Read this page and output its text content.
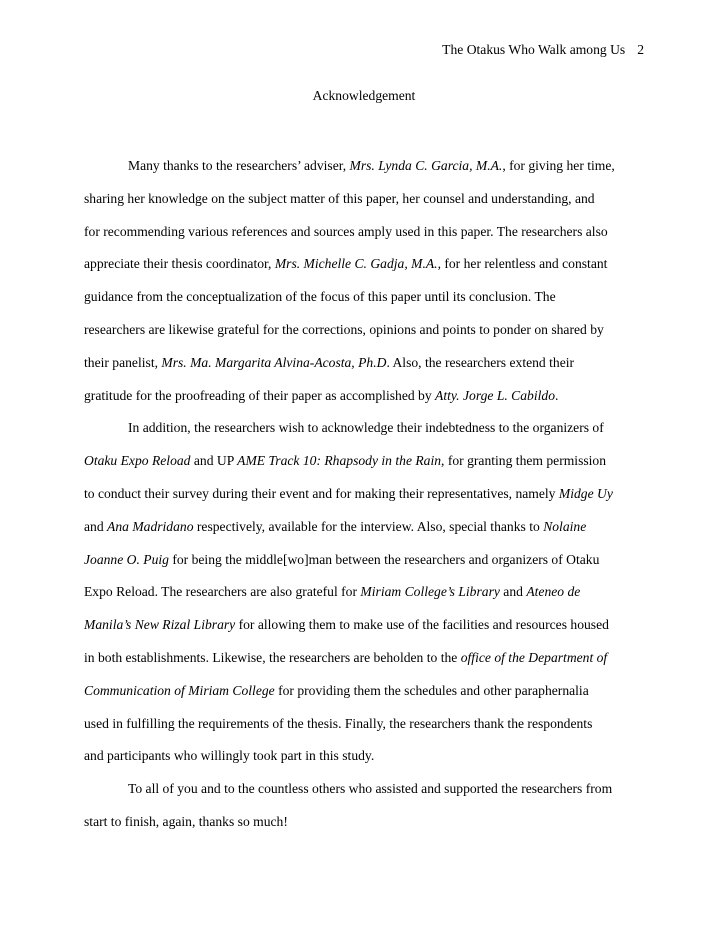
The Otakus Who Walk among Us 2
Acknowledgement
Many thanks to the researchers’ adviser, Mrs. Lynda C. Garcia, M.A., for giving her time,
sharing her knowledge on the subject matter of this paper, her counsel and understanding, and
for recommending various references and sources amply used in this paper. The researchers also
appreciate their thesis coordinator, Mrs. Michelle C. Gadja, M.A., for her relentless and constant
guidance from the conceptualization of the focus of this paper until its conclusion. The
researchers are likewise grateful for the corrections, opinions and points to ponder on shared by
their panelist, Mrs. Ma. Margarita Alvina-Acosta, Ph.D. Also, the researchers extend their
gratitude for the proofreading of their paper as accomplished by Atty. Jorge L. Cabildo.
In addition, the researchers wish to acknowledge their indebtedness to the organizers of
Otaku Expo Reload and UP AME Track 10: Rhapsody in the Rain, for granting them permission
to conduct their survey during their event and for making their representatives, namely Midge Uy
and Ana Madridano respectively, available for the interview. Also, special thanks to Nolaine
Joanne O. Puig for being the middle[wo]man between the researchers and organizers of Otaku
Expo Reload. The researchers are also grateful for Miriam College’s Library and Ateneo de
Manila’s New Rizal Library for allowing them to make use of the facilities and resources housed
in both establishments. Likewise, the researchers are beholden to the office of the Department of
Communication of Miriam College for providing them the schedules and other paraphernalia
used in fulfilling the requirements of the thesis. Finally, the researchers thank the respondents
and participants who willingly took part in this study.
To all of you and to the countless others who assisted and supported the researchers from
start to finish, again, thanks so much!
